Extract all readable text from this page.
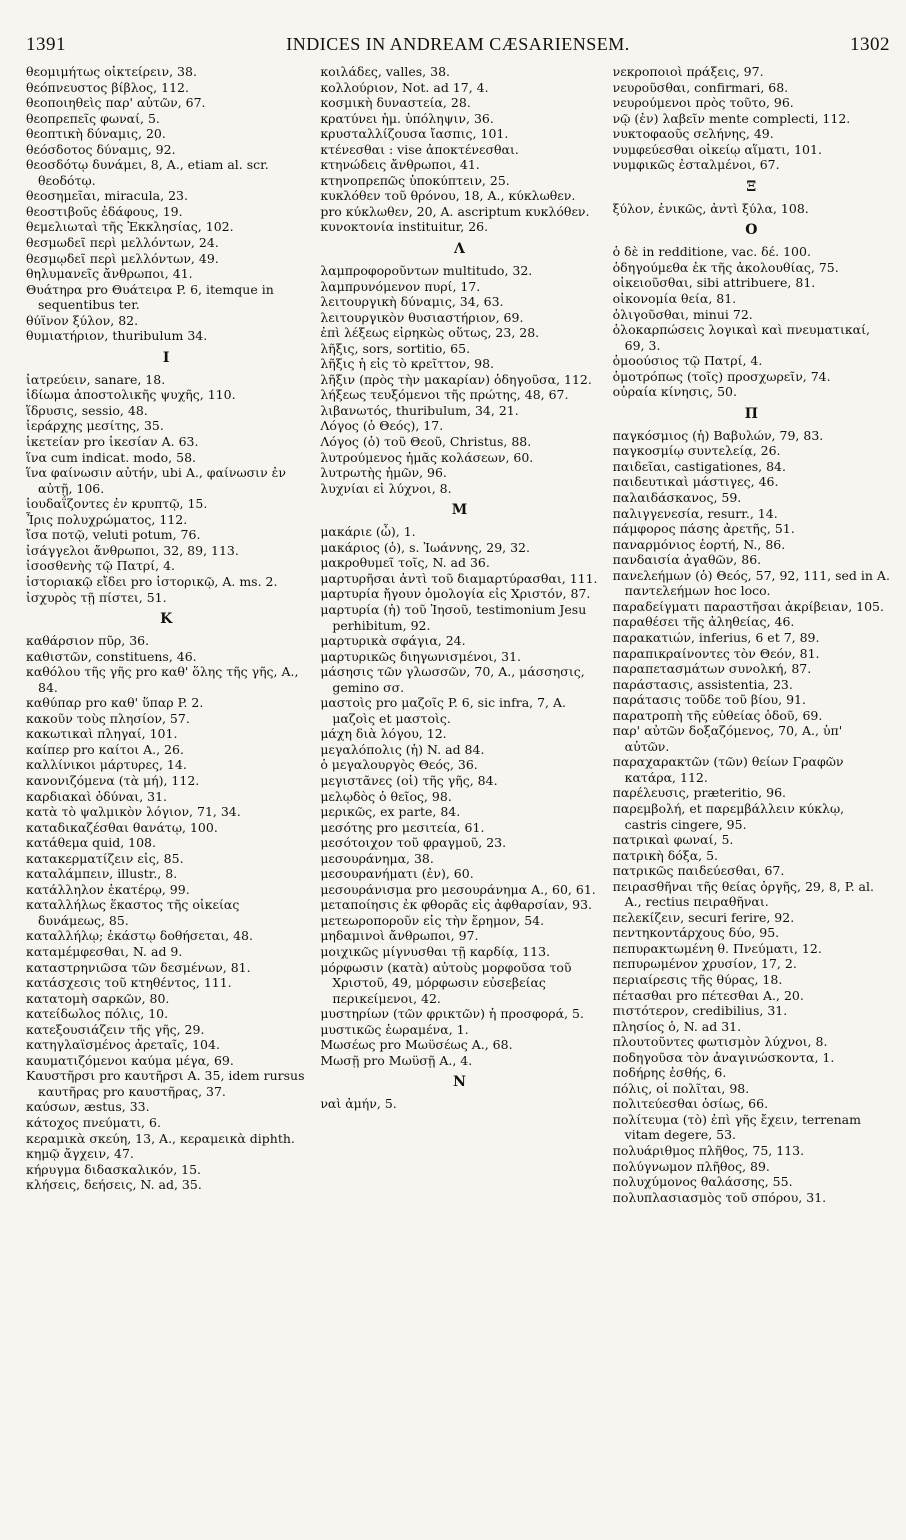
1391	INDICES IN ANDREAM CÆSARIENSEM.	1302
θεομιμήτως οἰκτείρειν, 38.
θεόπνευστος βίβλος, 112.
θεοποιηθεὶς παρ' αὐτῶν, 67.
θεοπρεπεῖς φωναί, 5.
θεοπτικὴ δύναμις, 20.
θεόσδοτος δύναμις, 92.
θεοσδότῳ δυνάμει, 8, A., etiam al. scr. θεοδότῳ.
θεοσημεῖαι, miracula, 23.
θεοστιβοῦς ἐδάφους, 19.
θεμελιωταὶ τῆς Ἐκκλησίας, 102.
θεσμωδεῖ περὶ μελλόντων, 24.
θεσμῳδεῖ περὶ μελλόντων, 49.
θηλυμανεῖς ἄνθρωποι, 41.
Θυάτηρα pro Θυάτειρα P. 6, itemque in sequentibus ter.
θύϊνον ξύλον, 82.
θυμιατήριον, thuribulum 34.
I
ἰατρεύειν, sanare, 18.
ἰδίωμα ἀποστολικῆς ψυχῆς, 110.
ἵδρυσις, sessio, 48.
ἱεράρχης μεσίτης, 35.
ἱκετείαν pro ἱκεσίαν A. 63.
ἵνα cum indicat. modo, 58.
ἵνα φαίνωσιν αὐτήν, ubi A., φαίνωσιν ἐν αὐτῇ, 106.
ἰουδαΐζοντες ἐν κρυπτῷ, 15.
Ἶρις πολυχρώματος, 112.
ἴσα ποτῷ, veluti potum, 76.
ἰσάγγελοι ἄνθρωποι, 32, 89, 113.
ἰσοσθενὴς τῷ Πατρί, 4.
ἱστοριακῷ εἴδει pro ἱστορικῷ, A. ms. 2.
ἰσχυρὸς τῇ πίστει, 51.
K
καθάρσιον πῦρ, 36.
καθιστῶν, constituens, 46.
καθόλου τῆς γῆς pro καθ' ὅλης τῆς γῆς, A., 84.
καθύπαρ pro καθ' ὕπαρ P. 2.
κακοῦν τοὺς πλησίον, 57.
κακωτικαὶ πληγαί, 101.
καίπερ pro καίτοι A., 26.
καλλίνικοι μάρτυρες, 14.
κανονιζόμενα (τὰ μή), 112.
καρδιακαὶ ὀδύναι, 31.
κατὰ τὸ ψαλμικὸν λόγιον, 71, 34.
καταδικαζέσθαι θανάτῳ, 100.
κατάθεμα quid, 108.
κατακερματίζειν εἰς, 85.
καταλάμπειν, illustr., 8.
κατάλληλον ἑκατέρῳ, 99.
καταλλήλως ἕκαστος τῆς οἰκείας δυνάμεως, 85.
καταλλήλῳ; ἑκάστῳ δοθήσεται, 48.
καταμέμφεσθαι, N. ad 9.
καταστρηνιῶσα τῶν δεσμένων, 81.
κατάσχεσις τοῦ κτηθέντος, 111.
κατατομὴ σαρκῶν, 80.
κατείδωλος πόλις, 10.
κατεξουσιάζειν τῆς γῆς, 29.
κατηγλαϊσμένος ἀρεταῖς, 104.
καυματιζόμενοι καύμα μέγα, 69.
Καυστῆρσι pro καυτῆρσι A. 35, idem rursus καυτῆρας pro καυστῆρας, 37.
καύσων, æstus, 33.
κάτοχος πνεύματι, 6.
κεραμικὰ σκεύη, 13, A., κεραμεικὰ diphth.
κημῷ ἄγχειν, 47.
κήρυγμα διδασκαλικόν, 15.
κλήσεις, δεήσεις, N. ad, 35.
κοιλάδες, valles, 38.
κολλούριον, Not. ad 17, 4.
κοσμικὴ δυναστεία, 28.
κρατύνει ἡμ. ὑπόληψιν, 36.
κρυσταλλίζουσα ἴασπις, 101.
κτένεσθαι : vise ἀποκτένεσθαι.
κτηνώδεις ἄνθρωποι, 41.
κτηνοπρεπῶς ὑποκύπτειν, 25.
κυκλόθεν τοῦ θρόνου, 18, A., κύκλωθεν.
pro κύκλωθεν, 20, A. ascriptum κυκλόθεν.
κυνοκτονία instituitur, 26.
Λ
λαμπροφοροῦντων multitudo, 32.
λαμπρυνόμενον πυρί, 17.
λειτουργικὴ δύναμις, 34, 63.
λειτουργικὸν θυσιαστήριον, 69.
ἐπὶ λέξεως εἰρηκὼς οὕτως, 23, 28.
λῆξις, sors, sortitio, 65.
λῆξις ἡ εἰς τὸ κρεῖττον, 98.
λῆξιν (πρὸς τὴν μακαρίαν) ὁδηγοῦσα, 112.
λήξεως τευξόμενοι τῆς πρώτης, 48, 67.
λιβανωτός, thuribulum, 34, 21.
Λόγος (ὁ Θεός), 17.
Λόγος (ὁ) τοῦ Θεοῦ, Christus, 88.
λυτρούμενος ἡμᾶς κολάσεων, 60.
λυτρωτὴς ἡμῶν, 96.
λυχνίαι εἰ λύχνοι, 8.
M
μακάριε (ὦ), 1.
μακάριος (ὁ), s. Ἰωάννης, 29, 32.
μακροθυμεῖ τοῖς, N. ad 36.
μαρτυρῆσαι ἀντὶ τοῦ διαμαρτύρασθαι, 111.
μαρτυρία ἤγουν ὁμολογία εἰς Χριστόν, 87.
μαρτυρία (ἡ) τοῦ Ἰησοῦ, testimonium Jesu perhibitum, 92.
μαρτυρικὰ σφάγια, 24.
μαρτυρικῶς διηγωνισμένοι, 31.
μάσησις τῶν γλωσσῶν, 70, A., μάσσησις, gemino σσ.
μαστοὶς pro μαζοῖς P. 6, sic infra, 7, A. μαζοὶς et μαστοὶς.
μάχη διὰ λόγου, 12.
μεγαλόπολις (ἡ) N. ad 84.
ὁ μεγαλουργὸς Θεός, 36.
μεγιστᾶνες (οἱ) τῆς γῆς, 84.
μελῳδὸς ὁ θεῖος, 98.
μερικῶς, ex parte, 84.
μεσότης pro μεσιτεία, 61.
μεσότοιχον τοῦ φραγμοῦ, 23.
μεσουράνημα, 38.
μεσουρανήματι (ἐν), 60.
μεσουράνισμα pro μεσουράνημα A., 60, 61.
μεταποίησις ἐκ φθορᾶς εἰς ἀφθαρσίαν, 93.
μετεωροποροῦν εἰς τὴν ἔρημον, 54.
μηδαμινοὶ ἄνθρωποι, 97.
μοιχικῶς μίγνυσθαι τῇ καρδίᾳ, 113.
μόρφωσιν (κατὰ) αὐτοὺς μορφοῦσα τοῦ Χριστοῦ, 49, μόρφωσιν εὐσεβείας περικείμενοι, 42.
μυστηρίων (τῶν φρικτῶν) ἡ προσφορά, 5.
μυστικῶς ἑωραμένα, 1.
Μωσέως pro Μωϋσέως A., 68.
Μωσῇ pro Μωϋσῇ A., 4.
N
ναὶ ἀμήν, 5.
νεκροποιοὶ πράξεις, 97.
νευροῦσθαι, confirmari, 68.
νευρούμενοι πρὸς τοῦτο, 96.
νῷ (ἐν) λαβεῖν mente complecti, 112.
νυκτοφαοῦς σελήνης, 49.
νυμφεύεσθαι οἰκείῳ αἵματι, 101.
νυμφικῶς ἐσταλμένοι, 67.
Ξ
ξύλον, ἑνικῶς, ἀντὶ ξύλα, 108.
O
ὁ δὲ in redditione, vac. δέ. 100.
ὁδηγούμεθα ἐκ τῆς ἀκολουθίας, 75.
οἰκειοῦσθαι, sibi attribuere, 81.
οἰκονομία θεία, 81.
ὀλιγοῦσθαι, minui 72.
ὁλοκαρπώσεις λογικαὶ καὶ πνευματικαί, 69, 3.
ὁμοούσιος τῷ Πατρί, 4.
ὁμοτρόπως (τοῖς) προσχωρεῖν, 74.
οὐραία κίνησις, 50.
Π
παγκόσμιος (ἡ) Βαβυλών, 79, 83.
παγκοσμίῳ συντελείᾳ, 26.
παιδεῖαι, castigationes, 84.
παιδευτικαὶ μάστιγες, 46.
παλαιδάσκανος, 59.
παλιγγενεσία, resurr., 14.
πάμφορος πάσης ἀρετῆς, 51.
παναρμόνιος ἑορτή, N., 86.
πανδαισία ἀγαθῶν, 86.
πανελεήμων (ὁ) Θεός, 57, 92, 111, sed in A. παντελεήμων hoc loco.
παραδείγματι παραστῆσαι ἀκρίβειαν, 105.
παραθέσει τῆς ἀληθείας, 46.
παρακατιών, inferius, 6 et 7, 89.
παραπικραίνοντες τὸν Θεόν, 81.
παραπετασμάτων συνολκή, 87.
παράστασις, assistentia, 23.
παράτασις τοῦδε τοῦ βίου, 91.
παρατροπὴ τῆς εὐθείας ὁδοῦ, 69.
παρ' αὐτῶν δοξαζόμενος, 70, A., ὑπ' αὐτῶν.
παραχαρακτῶν (τῶν) θείων Γραφῶν κατάρα, 112.
παρέλευσις, præteritio, 96.
παρεμβολή, et παρεμβάλλειν κύκλῳ, castris cingere, 95.
πατρικαὶ φωναί, 5.
πατρικὴ δόξα, 5.
πατρικῶς παιδεύεσθαι, 67.
πειρασθῆναι τῆς θείας ὀργῆς, 29, 8, P. al. A., rectius πειραθῆναι.
πελεκίζειν, securi ferire, 92.
πεντηκοντάρχους δύο, 95.
πεπυρακτωμένη θ. Πνεύματι, 12.
πεπυρωμένον χρυσίον, 17, 2.
περιαίρεσις τῆς θύρας, 18.
πέτασθαι pro πέτεσθαι A., 20.
πιστότερον, credibilius, 31.
πλησίος ὁ, N. ad 31.
πλουτοῦντες φωτισμὸν λύχνοι, 8.
ποδηγοῦσα τὸν ἀναγινώσκοντα, 1.
ποδήρης ἐσθής, 6.
πόλις, οἱ πολῖται, 98.
πολιτεύεσθαι ὁσίως, 66.
πολίτευμα (τὸ) ἐπὶ γῆς ἔχειν, terrenam vitam degere, 53.
πολυάριθμος πλῆθος, 75, 113.
πολύγνωμον πλῆθος, 89.
πολυχύμονος θαλάσσης, 55.
πολυπλασιασμὸς τοῦ σπόρου, 31.
